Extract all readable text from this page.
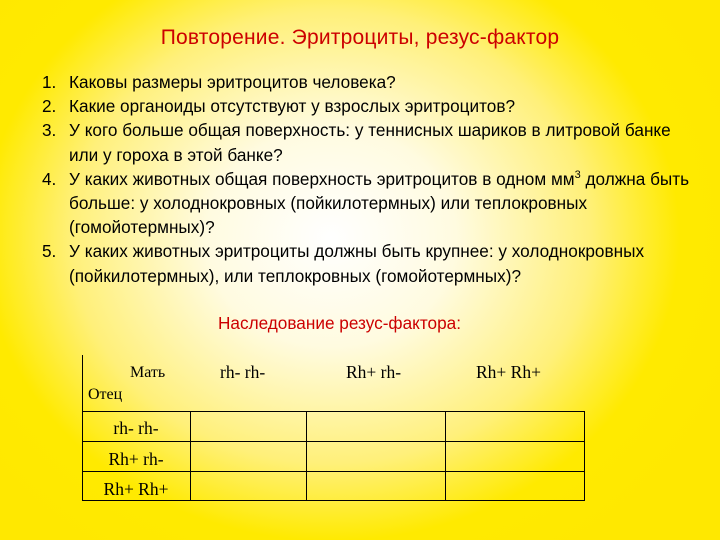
Повторение. Эритроциты, резус-фактор
1. Каковы размеры эритроцитов человека?
2. Какие органоиды отсутствуют у взрослых эритроцитов?
3. У кого больше общая поверхность: у теннисных шариков в литровой банке или у гороха в этой банке?
4. У каких животных общая поверхность эритроцитов в одном $мм^3$ должна быть больше: у холоднокровных (пойкилотермных) или теплокровных (гомойотермных)?
5. У каких животных эритроциты должны быть крупнее: у холоднокровных (пойкилотермных), или теплокровных (гомойотермных)?
Наследование резус-фактора:
rh- rh-	Rh+ rh-	Rh+ Rh+
Мать
Отец
rh- rh-
Rh+ rh-
Rh+ Rh+
